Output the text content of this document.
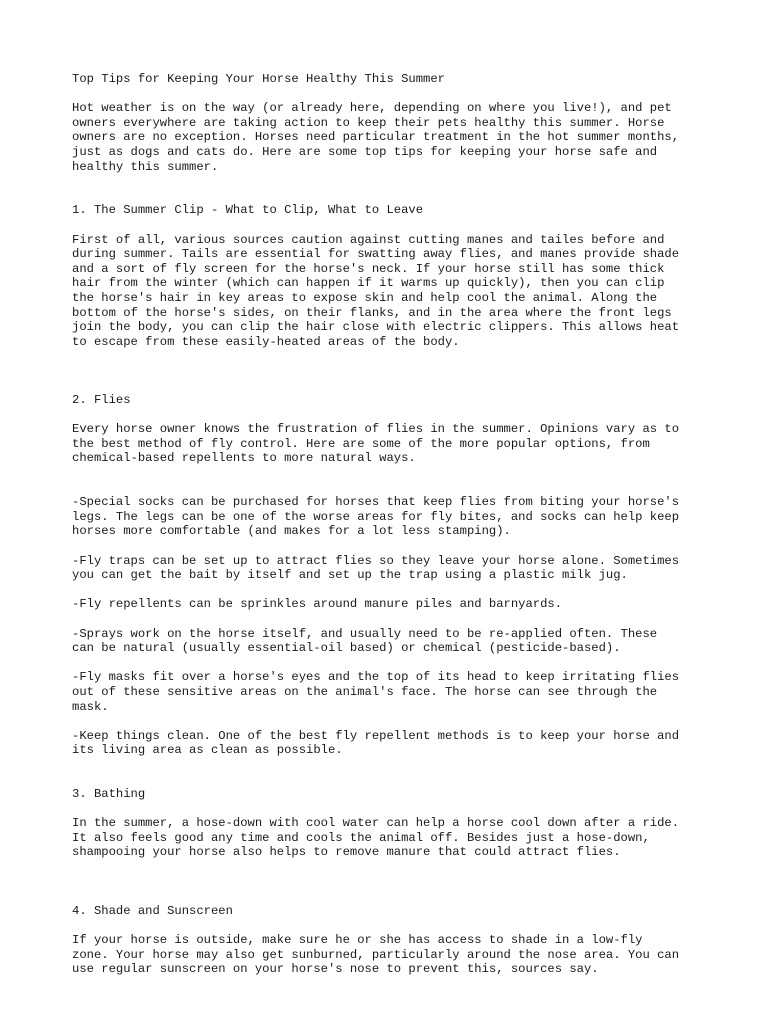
Top Tips for Keeping Your Horse Healthy This Summer
Hot weather is on the way (or already here, depending on where you live!), and pet
owners everywhere are taking action to keep their pets healthy this summer. Horse
owners are no exception. Horses need particular treatment in the hot summer months,
just as dogs and cats do. Here are some top tips for keeping your horse safe and
healthy this summer.

1. The Summer Clip - What to Clip, What to Leave

First of all, various sources caution against cutting manes and tailes before and
during summer. Tails are essential for swatting away flies, and manes provide shade
and a sort of fly screen for the horse's neck. If your horse still has some thick
hair from the winter (which can happen if it warms up quickly), then you can clip
the horse's hair in key areas to expose skin and help cool the animal. Along the
bottom of the horse's sides, on their flanks, and in the area where the front legs
join the body, you can clip the hair close with electric clippers. This allows heat
to escape from these easily-heated areas of the body.

2. Flies

Every horse owner knows the frustration of flies in the summer. Opinions vary as to
the best method of fly control. Here are some of the more popular options, from
chemical-based repellents to more natural ways.

-Special socks can be purchased for horses that keep flies from biting your horse's
legs. The legs can be one of the worse areas for fly bites, and socks can help keep
horses more comfortable (and makes for a lot less stamping).
-Fly traps can be set up to attract flies so they leave your horse alone. Sometimes
you can get the bait by itself and set up the trap using a plastic milk jug.
-Fly repellents can be sprinkles around manure piles and barnyards.
-Sprays work on the horse itself, and usually need to be re-applied often. These
can be natural (usually essential-oil based) or chemical (pesticide-based).
-Fly masks fit over a horse's eyes and the top of its head to keep irritating flies
out of these sensitive areas on the animal's face. The horse can see through the
mask.
-Keep things clean. One of the best fly repellent methods is to keep your horse and
its living area as clean as possible.

3. Bathing

In the summer, a hose-down with cool water can help a horse cool down after a ride.
It also feels good any time and cools the animal off. Besides just a hose-down,
shampooing your horse also helps to remove manure that could attract flies.

4. Shade and Sunscreen

If your horse is outside, make sure he or she has access to shade in a low-fly
zone. Your horse may also get sunburned, particularly around the nose area. You can
use regular sunscreen on your horse's nose to prevent this, sources say.
